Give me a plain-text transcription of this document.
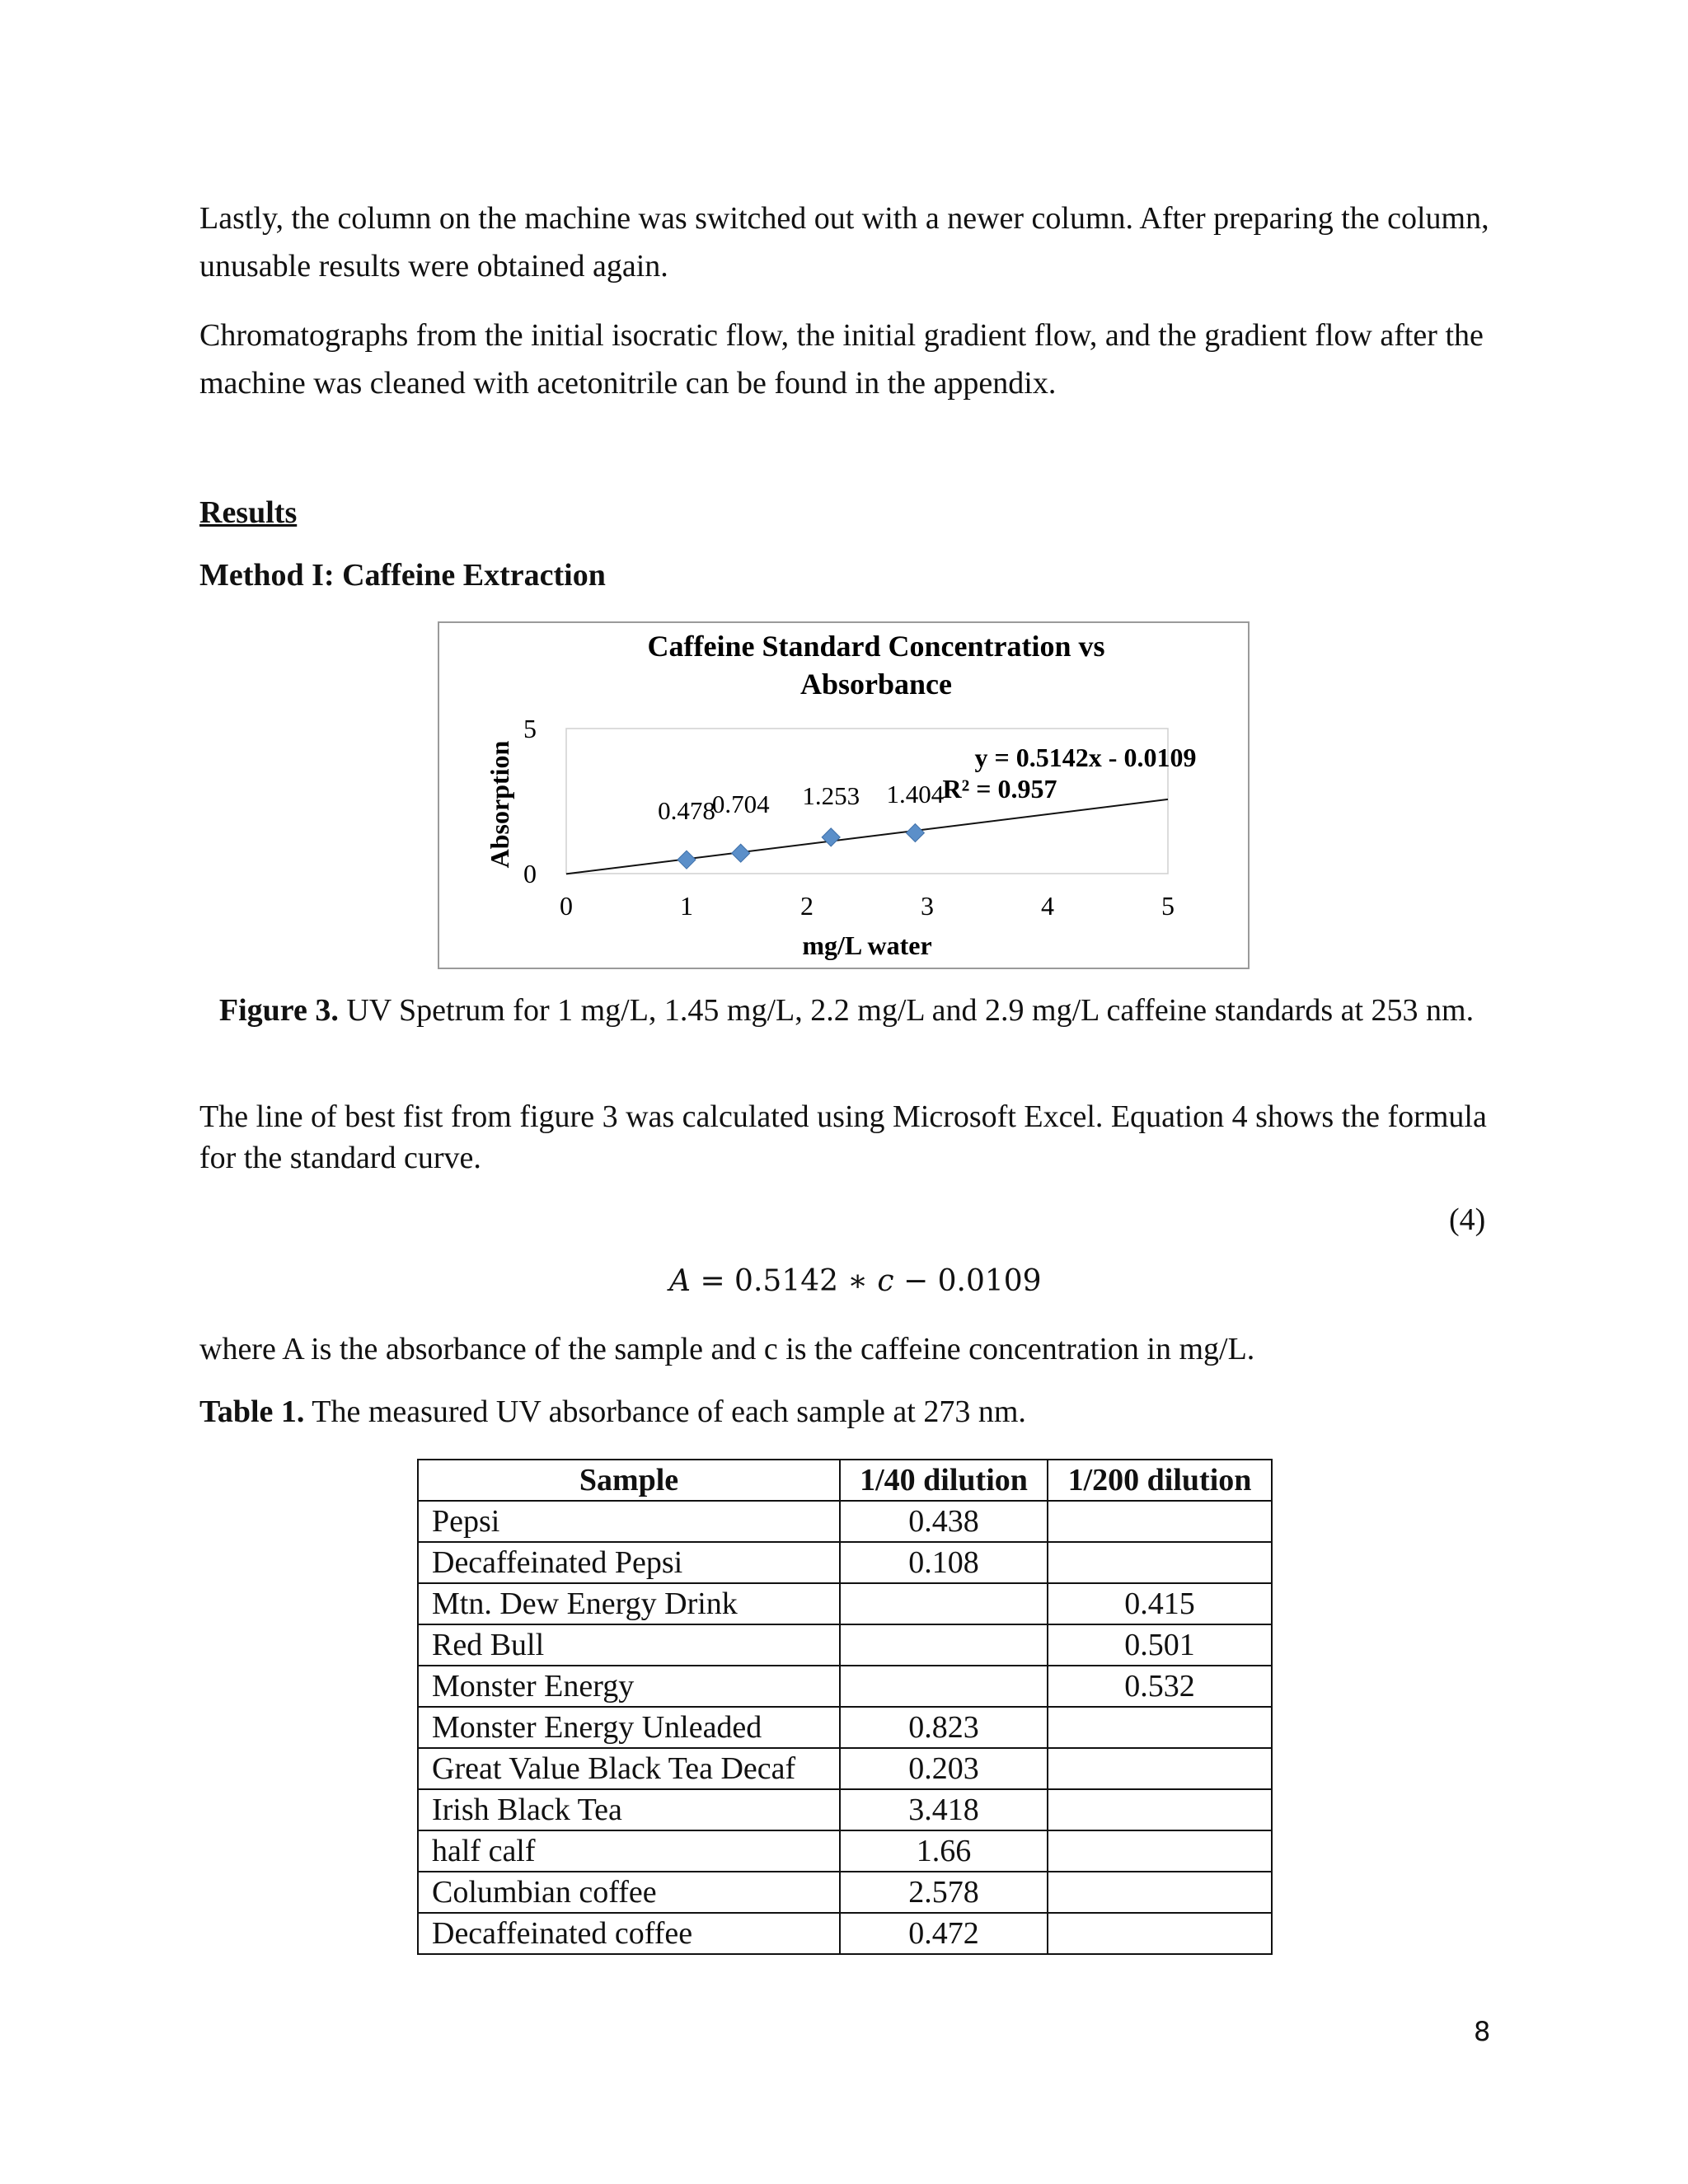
Lastly, the column on the machine was switched out with a newer column. After preparing the column, unusable results were obtained again.

Chromatographs from the initial isocratic flow, the initial gradient flow, and the gradient flow after the machine was cleaned with acetonitrile can be found in the appendix.

Results
Method I: Caffeine Extraction
Caffeine Standard Concentration vs
Absorbance
0	1	2	3	4	5
0
5
0.478
0.704 1.253 1.404
y = 0.5142x - 0.0109
R² = 0.957
mg/L water
Absorption
Figure 3. UV Spetrum for 1 mg/L, 1.45 mg/L, 2.2 mg/L and 2.9 mg/L caffeine standards at 253 nm.

The line of best fist from figure 3 was calculated using Microsoft Excel. Equation 4 shows the formula for the standard curve.

(4)
A = 0.5142 ∗ c − 0.0109

where A is the absorbance of the sample and c is the caffeine concentration in mg/L.

Table 1. The measured UV absorbance of each sample at 273 nm.
Sample	1/40 dilution	1/200 dilution
Pepsi	0.438	
Decaffeinated Pepsi	0.108	
Mtn. Dew Energy Drink		0.415
Red Bull		0.501
Monster Energy		0.532
Monster Energy Unleaded	0.823	
Great Value Black Tea Decaf	0.203	
Irish Black Tea	3.418	
half calf	1.66	
Columbian coffee	2.578	
Decaffeinated coffee	0.472	
8
